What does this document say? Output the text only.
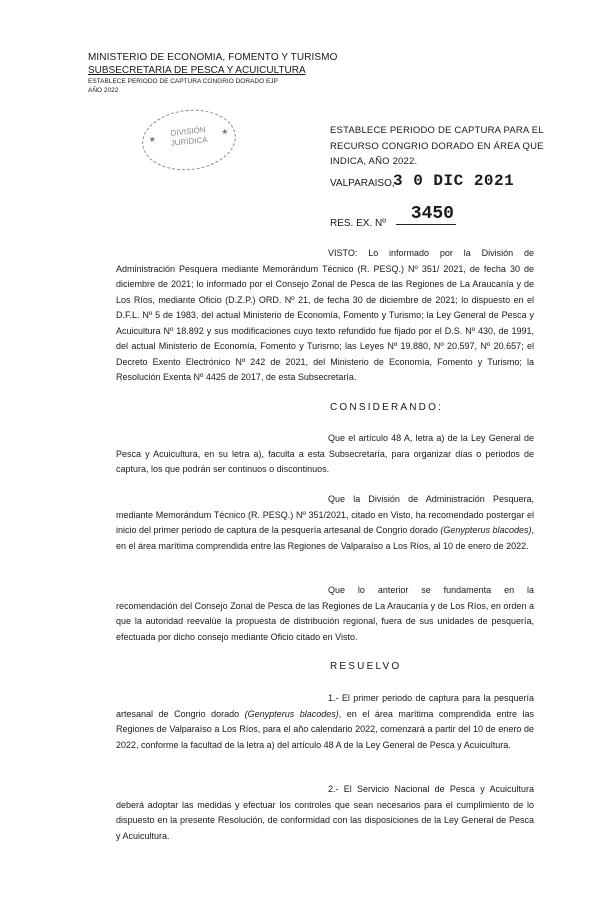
MINISTERIO DE ECONOMIA, FOMENTO Y TURISMO
SUBSECRETARIA DE PESCA Y ACUICULTURA
ESTABLECE PERIODO DE CAPTURA CONGRIO DORADO EJP
AÑO 2022
DIVISIÓN
JURÍDICA
★
★	ESTABLECE PERIODO DE CAPTURA PARA EL RECURSO CONGRIO DORADO EN ÁREA QUE INDICA, AÑO 2022.
VALPARAISO,
3 0 DIC 2021
RES. EX. Nº	3450
VISTO: Lo informado por la División de Administración Pesquera mediante Memorándum Técnico (R. PESQ.) Nº 351/ 2021, de fecha 30 de diciembre de 2021; lo informado por el Consejo Zonal de Pesca de las Regiones de La Araucanía y de Los Ríos, mediante Oficio (D.Z.P.) ORD. Nº 21, de fecha 30 de diciembre de 2021; lo dispuesto en el D.F.L. Nº 5 de 1983, del actual Ministerio de Economía, Fomento y Turismo; la Ley General de Pesca y Acuicultura Nº 18.892 y sus modificaciones cuyo texto refundido fue fijado por el D.S. Nº 430, de 1991, del actual Ministerio de Economía, Fomento y Turismo; las Leyes Nº 19.880, Nº 20.597, Nº 20.657; el Decreto Exento Electrónico Nº 242 de 2021, del Ministerio de Economía, Fomento y Turismo; la Resolución Exenta Nº 4425 de 2017, de esta Subsecretaría.
CONSIDERANDO:
Que el artículo 48 A, letra a) de la Ley General de Pesca y Acuicultura, en su letra a), faculta a esta Subsecretaría, para organizar días o periodos de captura, los que podrán ser continuos o discontinuos.
Que la División de Administración Pesquera, mediante Memorándum Técnico (R. PESQ.) Nº 351/2021, citado en Visto, ha recomendado postergar el inicio del primer periodo de captura de la pesquería artesanal de Congrio dorado (Genypterus blacodes), en el área marítima comprendida entre las Regiones de Valparaíso a Los Ríos, al 10 de enero de 2022.
Que lo anterior se fundamenta en la recomendación del Consejo Zonal de Pesca de las Regiones de La Araucanía y de Los Ríos, en orden a que la autoridad reevalúe la propuesta de distribución regional, fuera de sus unidades de pesquería, efectuada por dicho consejo mediante Oficio citado en Visto.
RESUELVO
1.- El primer periodo de captura para la pesquería artesanal de Congrio dorado (Genypterus blacodes), en el área marítima comprendida entre las Regiones de Valparaíso a Los Ríos, para el año calendario 2022, comenzará a partir del 10 de enero de 2022, conforme la facultad de la letra a) del artículo 48 A de la Ley General de Pesca y Acuicultura.
2.- El Servicio Nacional de Pesca y Acuicultura deberá adoptar las medidas y efectuar los controles que sean necesarios para el cumplimiento de lo dispuesto en la presente Resolución, de conformidad con las disposiciones de la Ley General de Pesca y Acuicultura.
